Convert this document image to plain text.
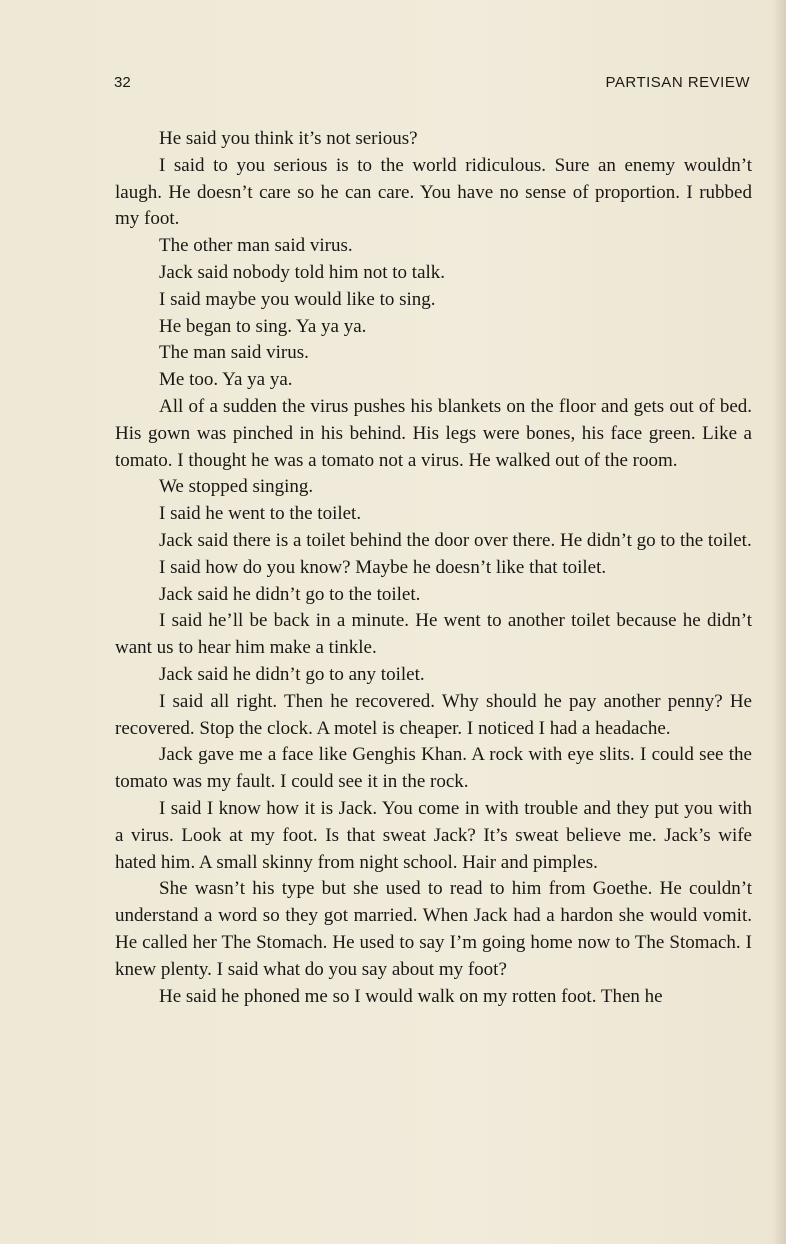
32	PARTISAN REVIEW

He said you think it’s not serious?

I said to you serious is to the world ridiculous. Sure an enemy wouldn’t laugh. He doesn’t care so he can care. You have no sense of proportion. I rubbed my foot.

The other man said virus.

Jack said nobody told him not to talk.

I said maybe you would like to sing.

He began to sing. Ya ya ya.

The man said virus.

Me too. Ya ya ya.

All of a sudden the virus pushes his blankets on the floor and gets out of bed. His gown was pinched in his behind. His legs were bones, his face green. Like a tomato. I thought he was a tomato not a virus. He walked out of the room.

We stopped singing.

I said he went to the toilet.

Jack said there is a toilet behind the door over there. He didn’t go to the toilet.

I said how do you know? Maybe he doesn’t like that toilet.

Jack said he didn’t go to the toilet.

I said he’ll be back in a minute. He went to another toilet because he didn’t want us to hear him make a tinkle.

Jack said he didn’t go to any toilet.

I said all right. Then he recovered. Why should he pay another penny? He recovered. Stop the clock. A motel is cheaper. I noticed I had a headache.

Jack gave me a face like Genghis Khan. A rock with eye slits. I could see the tomato was my fault. I could see it in the rock.

I said I know how it is Jack. You come in with trouble and they put you with a virus. Look at my foot. Is that sweat Jack? It’s sweat believe me. Jack’s wife hated him. A small skinny from night school. Hair and pimples.

She wasn’t his type but she used to read to him from Goethe. He couldn’t understand a word so they got married. When Jack had a hardon she would vomit. He called her The Stomach. He used to say I’m going home now to The Stomach. I knew plenty. I said what do you say about my foot?

He said he phoned me so I would walk on my rotten foot. Then he
